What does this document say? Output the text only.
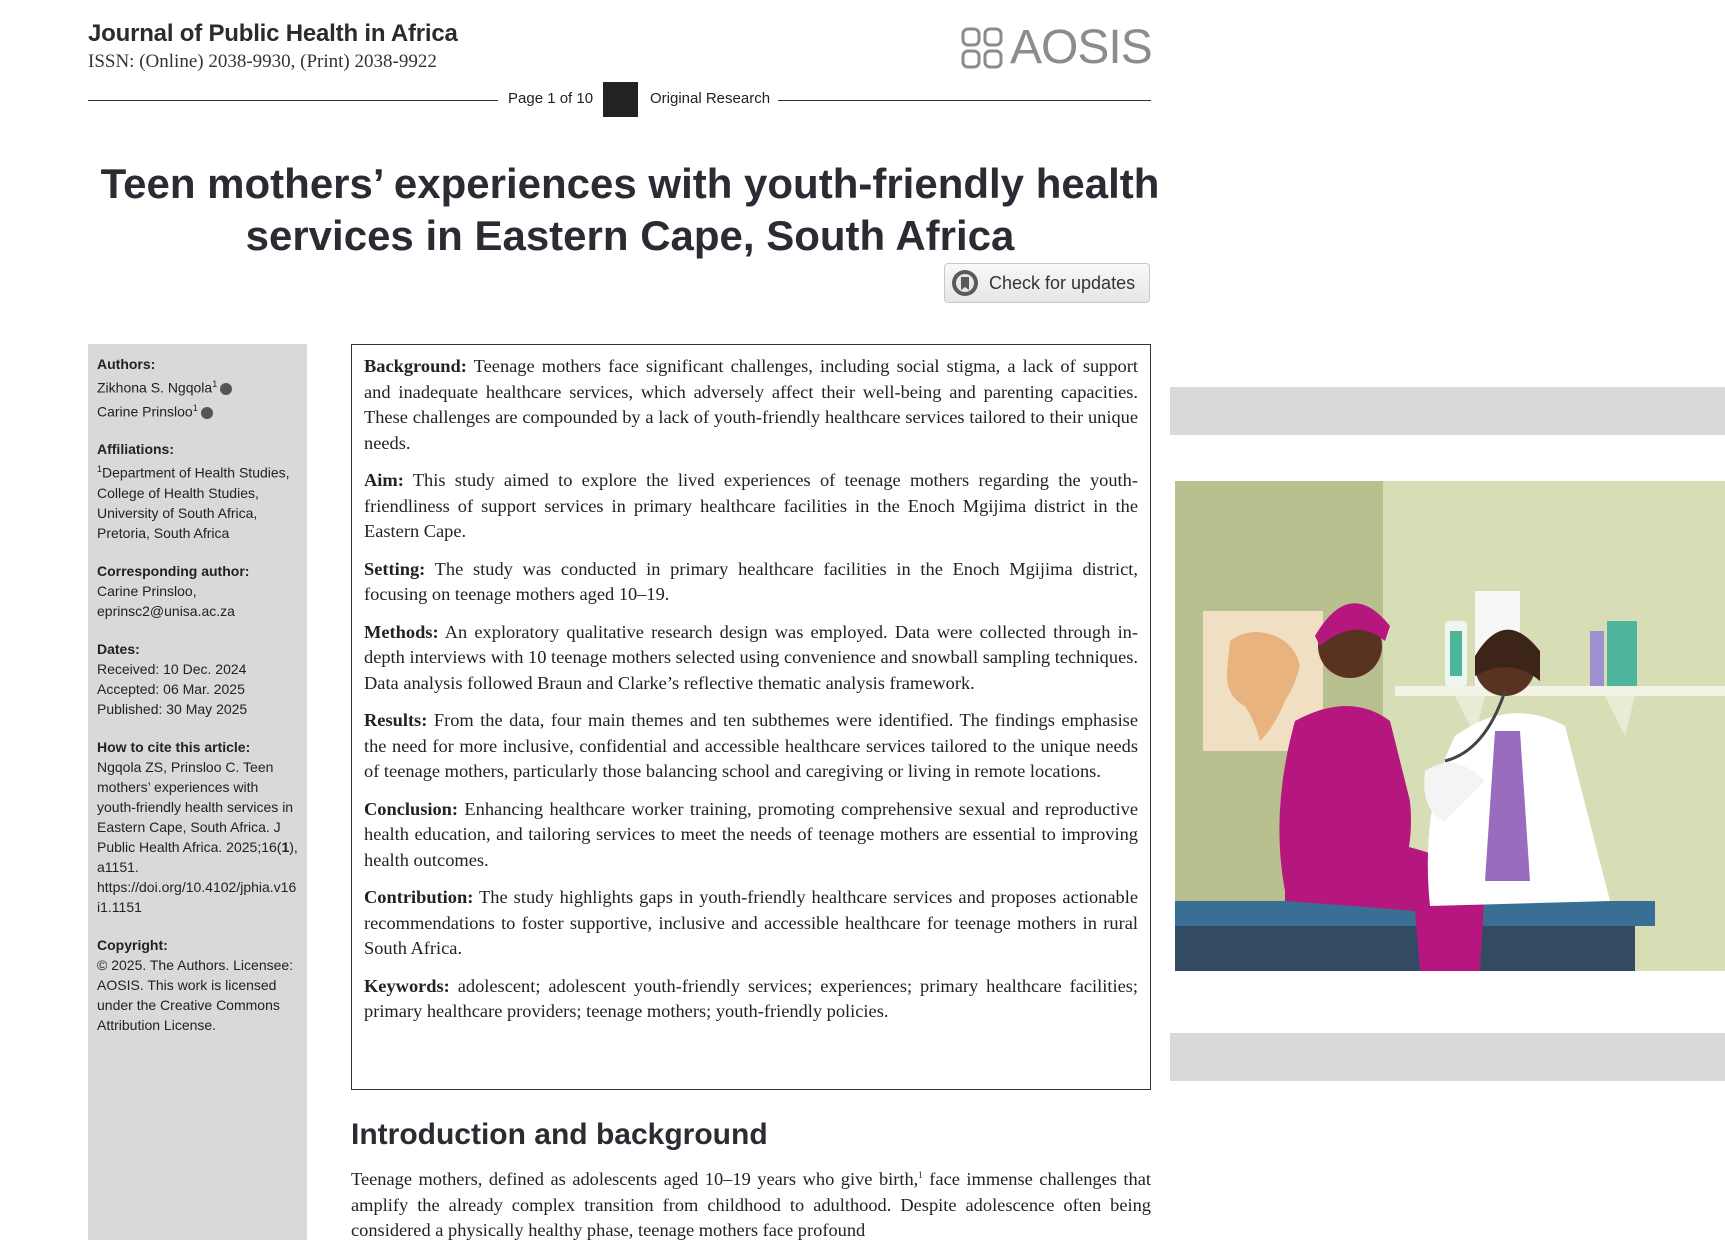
Journal of Public Health in Africa
ISSN: (Online) 2038-9930, (Print) 2038-9922	AOSIS
Page 1 of 10	Original Research
Teen mothers’ experiences with youth-friendly health services in Eastern Cape, South Africa
Check for updates
Authors:
Zikhona S. Ngqola$^1$
Carine Prinsloo$^1$
Affiliations:
$^1$Department of Health Studies, College of Health Studies, University of South Africa, Pretoria, South Africa
Corresponding author:
Carine Prinsloo,
eprinsc2@unisa.ac.za
Dates:
Received: 10 Dec. 2024
Accepted: 06 Mar. 2025
Published: 30 May 2025
How to cite this article:
Ngqola ZS, Prinsloo C. Teen mothers’ experiences with youth-friendly health services in Eastern Cape, South Africa. J Public Health Africa. 2025;16(1), a1151. https://doi.org/10.4102/jphia.v16i1.1151
Copyright:
© 2025. The Authors. Licensee: AOSIS. This work is licensed under the Creative Commons Attribution License.

Background: Teenage mothers face significant challenges, including social stigma, a lack of support and inadequate healthcare services, which adversely affect their well-being and parenting capacities. These challenges are compounded by a lack of youth-friendly healthcare services tailored to their unique needs.

Aim: This study aimed to explore the lived experiences of teenage mothers regarding the youth-friendliness of support services in primary healthcare facilities in the Enoch Mgijima district in the Eastern Cape.

Setting: The study was conducted in primary healthcare facilities in the Enoch Mgijima district, focusing on teenage mothers aged 10–19.

Methods: An exploratory qualitative research design was employed. Data were collected through in-depth interviews with 10 teenage mothers selected using convenience and snowball sampling techniques. Data analysis followed Braun and Clarke’s reflective thematic analysis framework.

Results: From the data, four main themes and ten subthemes were identified. The findings emphasise the need for more inclusive, confidential and accessible healthcare services tailored to the unique needs of teenage mothers, particularly those balancing school and caregiving or living in remote locations.

Conclusion: Enhancing healthcare worker training, promoting comprehensive sexual and reproductive health education, and tailoring services to meet the needs of teenage mothers are essential to improving health outcomes.

Contribution: The study highlights gaps in youth-friendly healthcare services and proposes actionable recommendations to foster supportive, inclusive and accessible healthcare for teenage mothers in rural South Africa.

Keywords: adolescent; adolescent youth-friendly services; experiences; primary healthcare facilities; primary healthcare providers; teenage mothers; youth-friendly policies.

Introduction and background
Teenage mothers, defined as adolescents aged 10–19 years who give birth,$^1$ face immense challenges that amplify the already complex transition from childhood to adulthood. Despite adolescence often being considered a physically healthy phase, teenage mothers face profound
